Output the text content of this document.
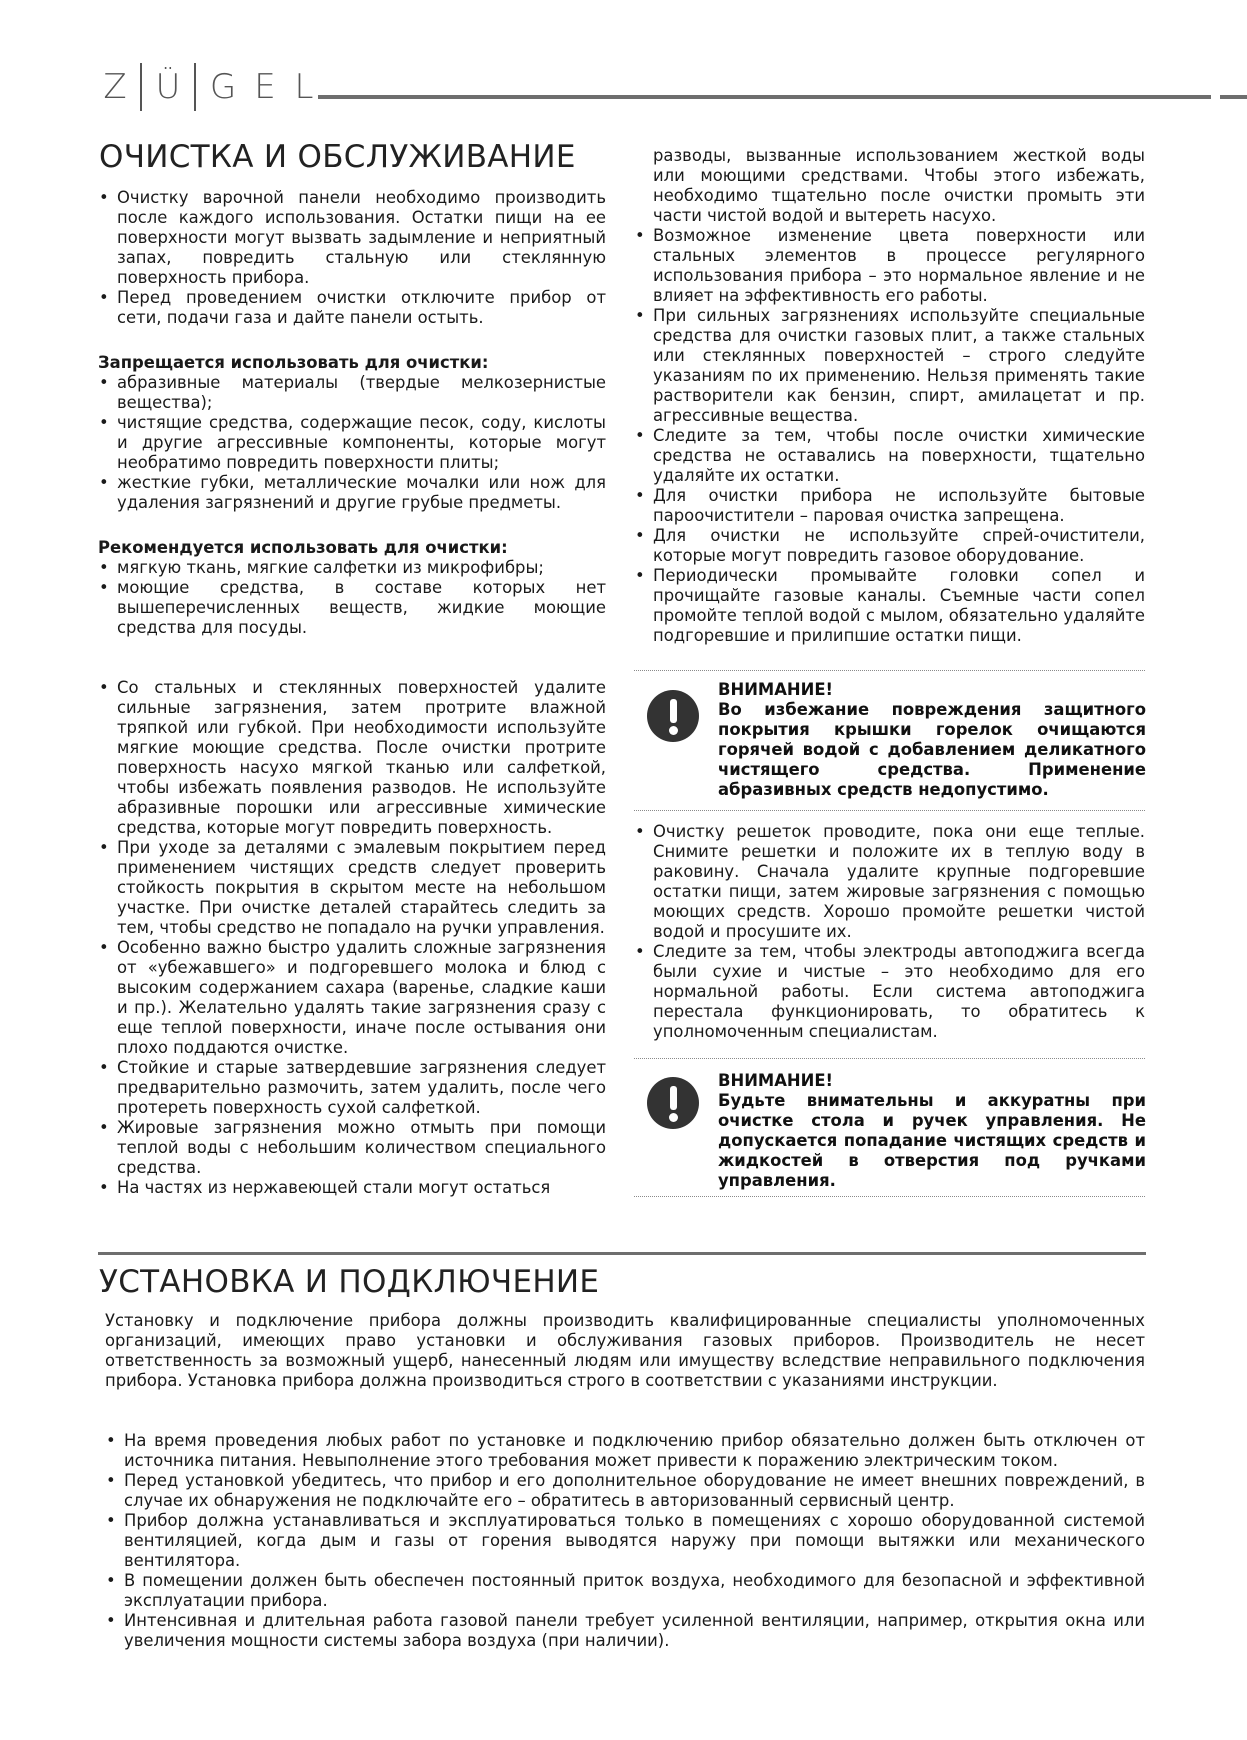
Z Ü G E L
ОЧИСТКА И ОБСЛУЖИВАНИЕ
• Очистку варочной панели необходимо производить после каждого использования. Остатки пищи на ее поверхности могут вызвать задымление и неприятный запах, повредить стальную или стеклянную поверхность прибора.
• Перед проведением очистки отключите прибор от сети, подачи газа и дайте панели остыть.

Запрещается использовать для очистки:

• абразивные материалы (твердые мелкозернистые вещества);
• чистящие средства, содержащие песок, соду, кислоты и другие агрессивные компоненты, которые могут необратимо повредить поверхности плиты;
• жесткие губки, металлические мочалки или нож для удаления загрязнений и другие грубые предметы.

Рекомендуется использовать для очистки:

• мягкую ткань, мягкие салфетки из микрофибры;
• моющие средства, в составе которых нет вышеперечисленных веществ, жидкие моющие средства для посуды.
• Со стальных и стеклянных поверхностей удалите сильные загрязнения, затем протрите влажной тряпкой или губкой. При необходимости используйте мягкие моющие средства. После очистки протрите поверхность насухо мягкой тканью или салфеткой, чтобы избежать появления разводов. Не используйте абразивные порошки или агрессивные химические средства, которые могут повредить поверхность.
• При уходе за деталями с эмалевым покрытием перед применением чистящих средств следует проверить стойкость покрытия в скрытом месте на небольшом участке. При очистке деталей старайтесь следить за тем, чтобы средство не попадало на ручки управления.
• Особенно важно быстро удалить сложные загрязнения от «убежавшего» и подгоревшего молока и блюд с высоким содержанием сахара (варенье, сладкие каши и пр.). Желательно удалять такие загрязнения сразу с еще теплой поверхности, иначе после остывания они плохо поддаются очистке.
• Стойкие и старые затвердевшие загрязнения следует предварительно размочить, затем удалить, после чего протереть поверхность сухой салфеткой.
• Жировые загрязнения можно отмыть при помощи теплой воды с небольшим количеством специального средства.
• На частях из нержавеющей стали могут остаться

разводы, вызванные использованием жесткой воды или моющими средствами. Чтобы этого избежать, необходимо тщательно после очистки промыть эти части чистой водой и вытереть насухо.

• Возможное изменение цвета поверхности или стальных элементов в процессе регулярного использования прибора – это нормальное явление и не влияет на эффективность его работы.
• При сильных загрязнениях используйте специальные средства для очистки газовых плит, а также стальных или стеклянных поверхностей – строго следуйте указаниям по их применению. Нельзя применять такие растворители как бензин, спирт, амилацетат и пр. агрессивные вещества.
• Следите за тем, чтобы после очистки химические средства не оставались на поверхности, тщательно удаляйте их остатки.
• Для очистки прибора не используйте бытовые пароочистители – паровая очистка запрещена.
• Для очистки не используйте спрей-очистители, которые могут повредить газовое оборудование.
• Периодически промывайте головки сопел и прочищайте газовые каналы. Съемные части сопел промойте теплой водой с мылом, обязательно удаляйте подгоревшие и прилипшие остатки пищи.

ВНИМАНИЕ!

Во избежание повреждения защитного покрытия крышки горелок очищаются горячей водой с добавлением деликатного чистящего средства. Применение абразивных средств недопустимо.

• Очистку решеток проводите, пока они еще теплые. Снимите решетки и положите их в теплую воду в раковину. Сначала удалите крупные подгоревшие остатки пищи, затем жировые загрязнения с помощью моющих средств. Хорошо промойте решетки чистой водой и просушите их.
• Следите за тем, чтобы электроды автоподжига всегда были сухие и чистые – это необходимо для его нормальной работы. Если система автоподжига перестала функционировать, то обратитесь к уполномоченным специалистам.

ВНИМАНИЕ!

Будьте внимательны и аккуратны при очистке стола и ручек управления. Не допускается попадание чистящих средств и жидкостей в отверстия под ручками управления.

УСТАНОВКА И ПОДКЛЮЧЕНИЕ

Установку и подключение прибора должны производить квалифицированные специалисты уполномоченных организаций, имеющих право установки и обслуживания газовых приборов. Производитель не несет ответственность за возможный ущерб, нанесенный людям или имуществу вследствие неправильного подключения прибора. Установка прибора должна производиться строго в соответствии с указаниями инструкции.

• На время проведения любых работ по установке и подключению прибор обязательно должен быть отключен от источника питания. Невыполнение этого требования может привести к поражению электрическим током.
• Перед установкой убедитесь, что прибор и его дополнительное оборудование не имеет внешних повреждений, в случае их обнаружения не подключайте его – обратитесь в авторизованный сервисный центр.
• Прибор должна устанавливаться и эксплуатироваться только в помещениях с хорошо оборудованной системой вентиляцией, когда дым и газы от горения выводятся наружу при помощи вытяжки или механического вентилятора.
• В помещении должен быть обеспечен постоянный приток воздуха, необходимого для безопасной и эффективной эксплуатации прибора.
• Интенсивная и длительная работа газовой панели требует усиленной вентиляции, например, открытия окна или увеличения мощности системы забора воздуха (при наличии).
